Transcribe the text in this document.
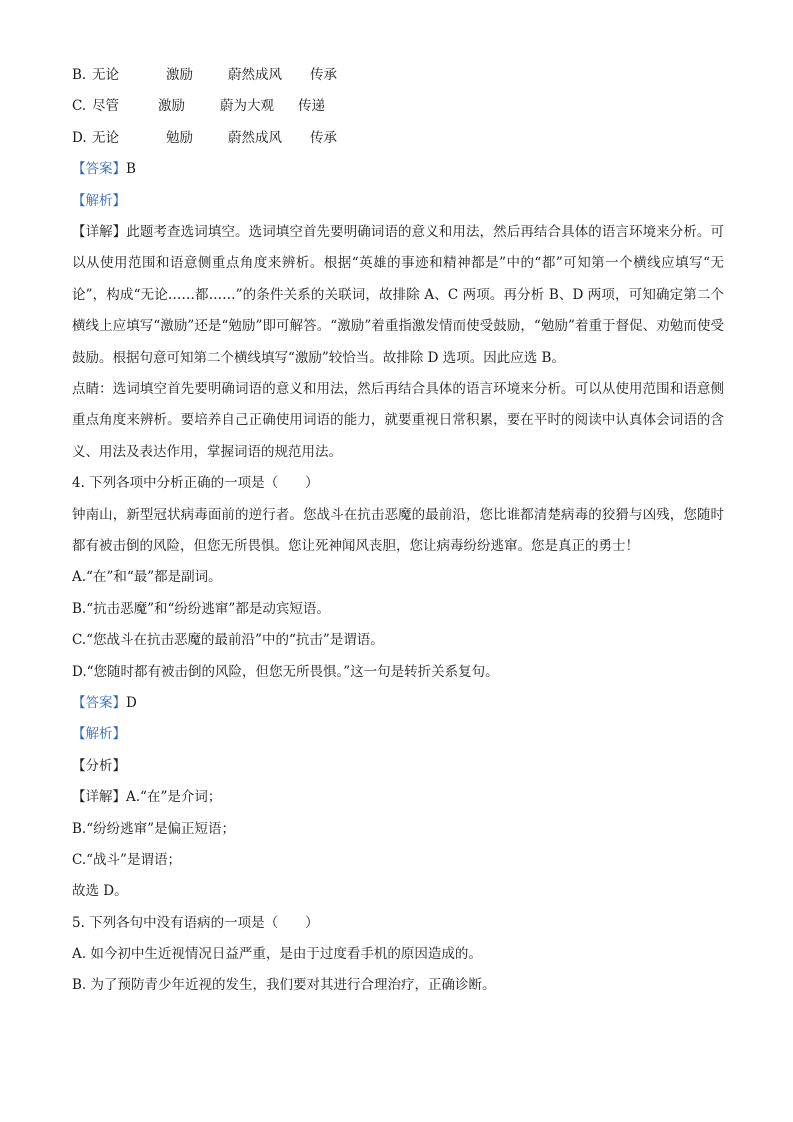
B. 无论	激励	蔚然成风	传承
C. 尽管	激励	蔚为大观	传递
D. 无论	勉励	蔚然成风	传承
【答案】B
【解析】
【详解】此题考查选词填空。选词填空首先要明确词语的意义和用法，然后再结合具体的语言环境来分析。可以从使用范围和语意侧重点角度来辨析。根据“英雄的事迹和精神都是”中的“都”可知第一个横线应填写“无论”，构成“无论……都……”的条件关系的关联词，故排除 A、C 两项。再分析 B、D 两项，可知确定第二个横线上应填写“激励”还是“勉励”即可解答。“激励”着重指激发情而使受鼓励，“勉励”着重于督促、劝勉而使受鼓励。根据句意可知第二个横线填写“激励”较恰当。故排除 D 选项。因此应选 B。
点睛：选词填空首先要明确词语的意义和用法，然后再结合具体的语言环境来分析。可以从使用范围和语意侧重点角度来辨析。要培养自己正确使用词语的能力，就要重视日常积累，要在平时的阅读中认真体会词语的含义、用法及表达作用，掌握词语的规范用法。
4. 下列各项中分析正确的一项是（　　）
钟南山，新型冠状病毒面前的逆行者。您战斗在抗击恶魔的最前沿，您比谁都清楚病毒的狡猾与凶残，您随时都有被击倒的风险，但您无所畏惧。您让死神闻风丧胆，您让病毒纷纷逃窜。您是真正的勇士！
A.“在”和“最”都是副词。
B.“抗击恶魔”和“纷纷逃窜”都是动宾短语。
C.“您战斗在抗击恶魔的最前沿”中的“抗击”是谓语。
D.“您随时都有被击倒的风险，但您无所畏惧。”这一句是转折关系复句。
【答案】D
【解析】
【分析】
【详解】A.“在”是介词；
B.“纷纷逃窜”是偏正短语；
C.“战斗”是谓语；
故选 D。
5. 下列各句中没有语病的一项是（　　）
A. 如今初中生近视情况日益严重，是由于过度看手机的原因造成的。
B. 为了预防青少年近视的发生，我们要对其进行合理治疗，正确诊断。
